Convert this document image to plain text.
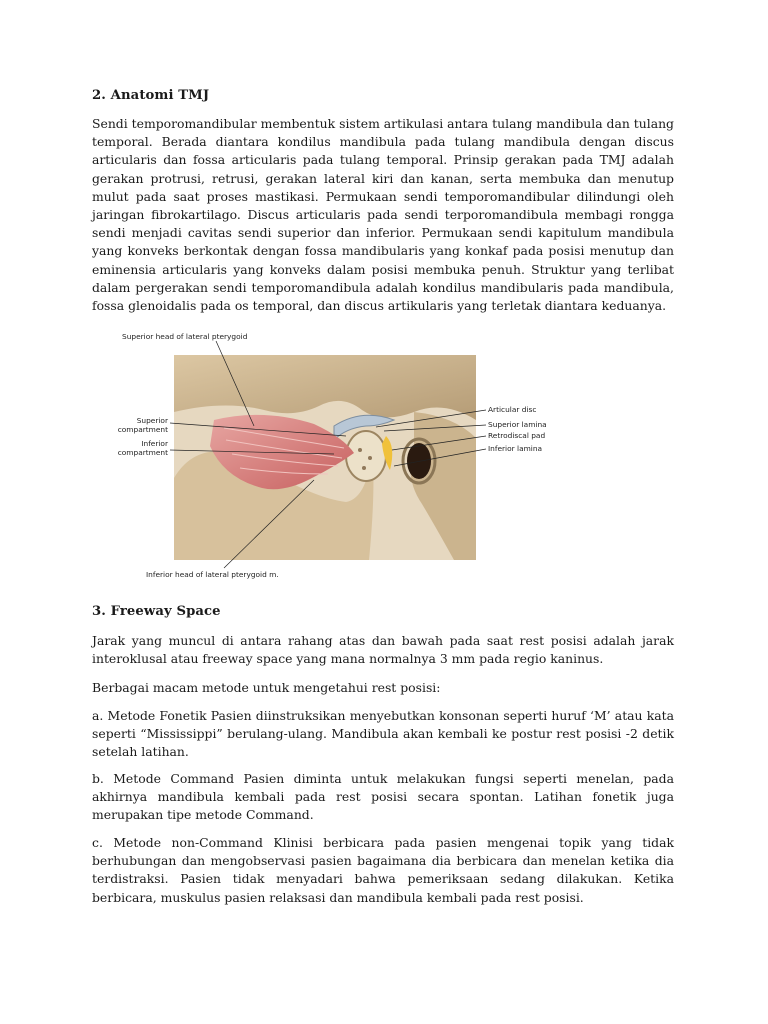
2. Anatomi TMJ

Sendi temporomandibular membentuk sistem artikulasi antara tulang mandibula dan tulang temporal. Berada diantara kondilus mandibula pada tulang mandibula dengan discus articularis dan fossa articularis pada tulang temporal. Prinsip gerakan pada TMJ adalah gerakan protrusi, retrusi, gerakan lateral kiri dan kanan, serta membuka dan menutup mulut pada saat proses mastikasi. Permukaan sendi temporomandibular dilindungi oleh jaringan fibrokartilago. Discus articularis pada sendi terporomandibula membagi rongga sendi menjadi cavitas sendi superior dan inferior. Permukaan sendi kapitulum mandibula yang konveks berkontak dengan fossa mandibularis yang konkaf pada posisi menutup dan eminensia articularis yang konveks dalam posisi membuka penuh. Struktur yang terlibat dalam pergerakan sendi temporomandibula adalah kondilus mandibularis pada mandibula, fossa glenoidalis pada os temporal, dan discus artikularis yang terletak diantara keduanya.

Superior head of lateral pterygoid
Superior
compartment
Inferior
compartment
Articular disc
Superior lamina
Retrodiscal pad
Inferior lamina
Inferior head of lateral pterygoid m.
3. Freeway Space

Jarak yang muncul di antara rahang atas dan bawah pada saat rest posisi adalah jarak interoklusal atau freeway space yang mana normalnya 3 mm pada regio kaninus.

Berbagai macam metode untuk mengetahui rest posisi:

a. Metode Fonetik Pasien diinstruksikan menyebutkan konsonan seperti huruf ‘M’ atau kata seperti “Mississippi” berulang-ulang. Mandibula akan kembali ke postur rest posisi -2 detik setelah latihan.

b. Metode Command Pasien diminta untuk melakukan fungsi seperti menelan, pada akhirnya mandibula kembali pada rest posisi secara spontan. Latihan fonetik juga merupakan tipe metode Command.

c. Metode non-Command Klinisi berbicara pada pasien mengenai topik yang tidak berhubungan dan mengobservasi pasien bagaimana dia berbicara dan menelan ketika dia terdistraksi. Pasien tidak menyadari bahwa pemeriksaan sedang dilakukan. Ketika berbicara, muskulus pasien relaksasi dan mandibula kembali pada rest posisi.
